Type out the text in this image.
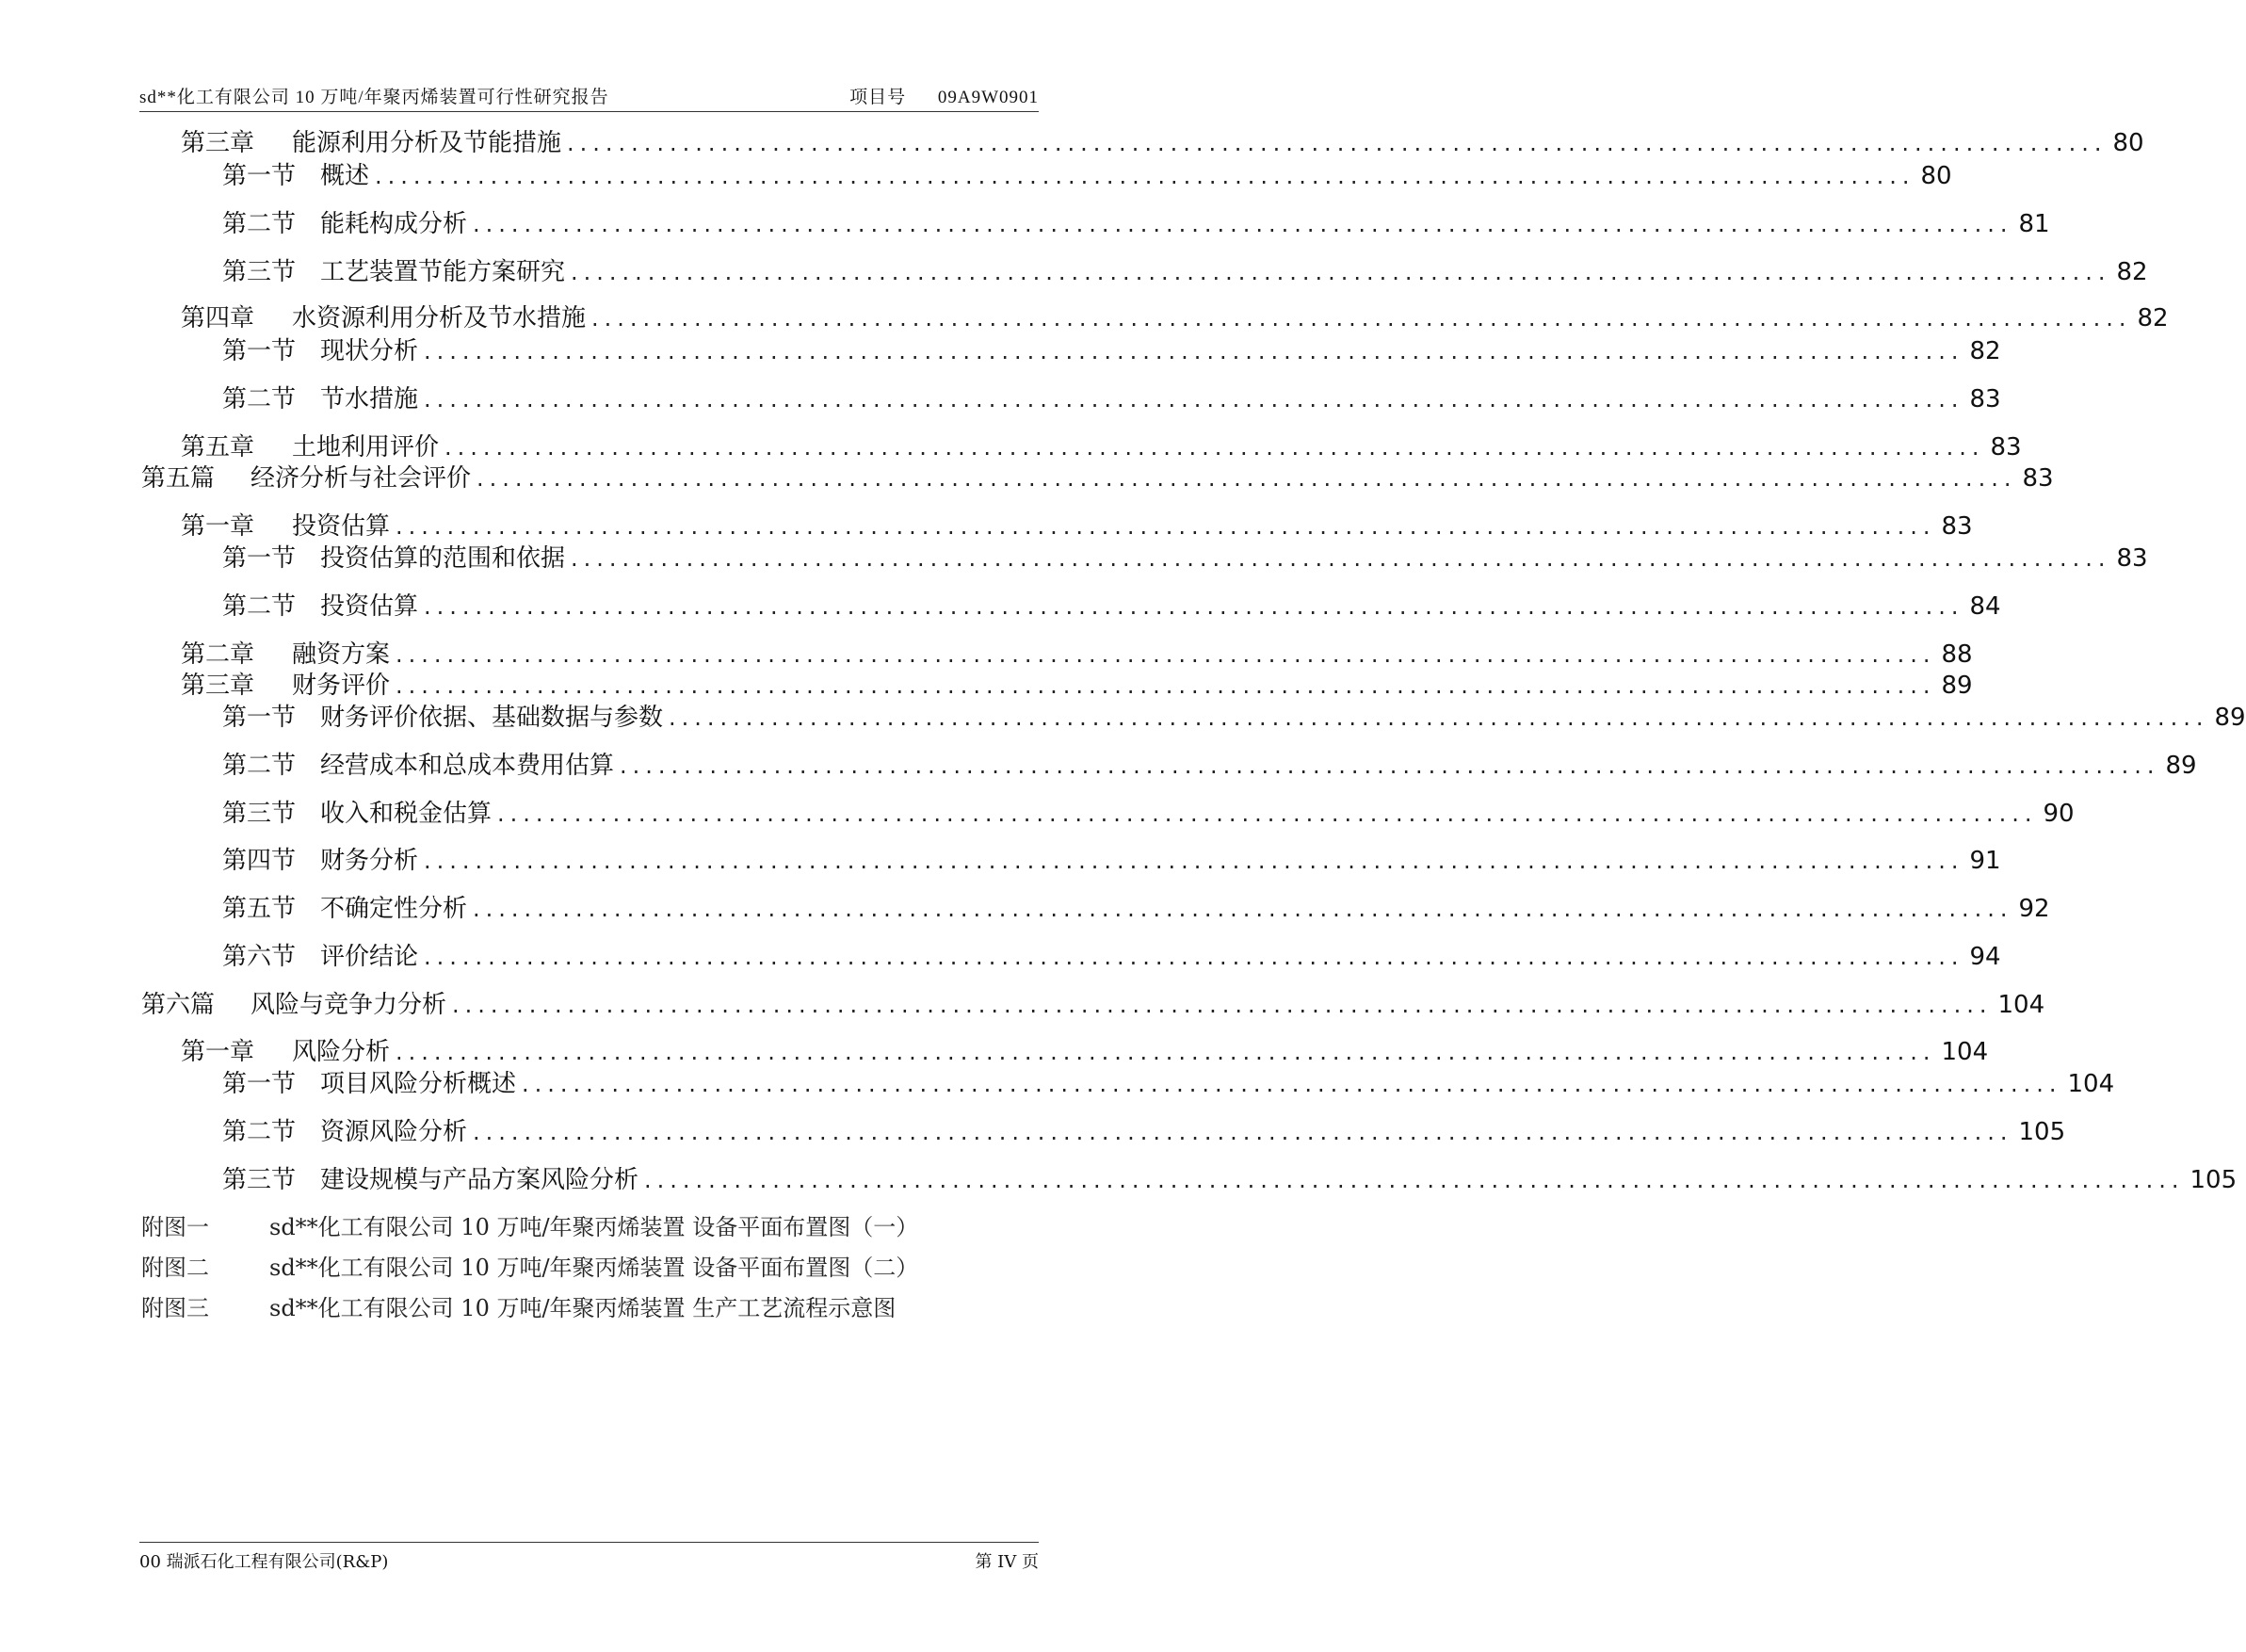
sd**化工有限公司 10 万吨/年聚丙烯装置可行性研究报告	项目号 09A9W0901
第三章	能源利用分析及节能措施 ........................................................................................................................ 80
第一节 概述 ........................................................................................................................ 80
第二节 能耗构成分析 ........................................................................................................................ 81
第三节 工艺装置节能方案研究 ........................................................................................................................ 82
第四章	水资源利用分析及节水措施 ........................................................................................................................ 82
第一节 现状分析 ........................................................................................................................ 82
第二节 节水措施 ........................................................................................................................ 83
第五章	土地利用评价 ........................................................................................................................ 83
第五篇	经济分析与社会评价 ........................................................................................................................ 83
第一章	投资估算 ........................................................................................................................ 83
第一节 投资估算的范围和依据 ........................................................................................................................ 83
第二节 投资估算 ........................................................................................................................ 84
第二章	融资方案 ........................................................................................................................ 88
第三章	财务评价 ........................................................................................................................ 89
第一节 财务评价依据、基础数据与参数 ........................................................................................................................ 89
第二节 经营成本和总成本费用估算 ........................................................................................................................ 89
第三节 收入和税金估算 ........................................................................................................................ 90
第四节 财务分析 ........................................................................................................................ 91
第五节 不确定性分析 ........................................................................................................................ 92
第六节 评价结论 ........................................................................................................................ 94
第六篇	风险与竞争力分析 ........................................................................................................................ 104
第一章	风险分析 ........................................................................................................................ 104
第一节 项目风险分析概述 ........................................................................................................................ 104
第二节 资源风险分析 ........................................................................................................................ 105
第三节 建设规模与产品方案风险分析 ........................................................................................................................ 105
附图一	sd**化工有限公司 10 万吨/年聚丙烯装置 设备平面布置图（一）
附图二	sd**化工有限公司 10 万吨/年聚丙烯装置 设备平面布置图（二）
附图三	sd**化工有限公司 10 万吨/年聚丙烯装置 生产工艺流程示意图
00 瑞派石化工程有限公司(R&P)	第 IV 页
